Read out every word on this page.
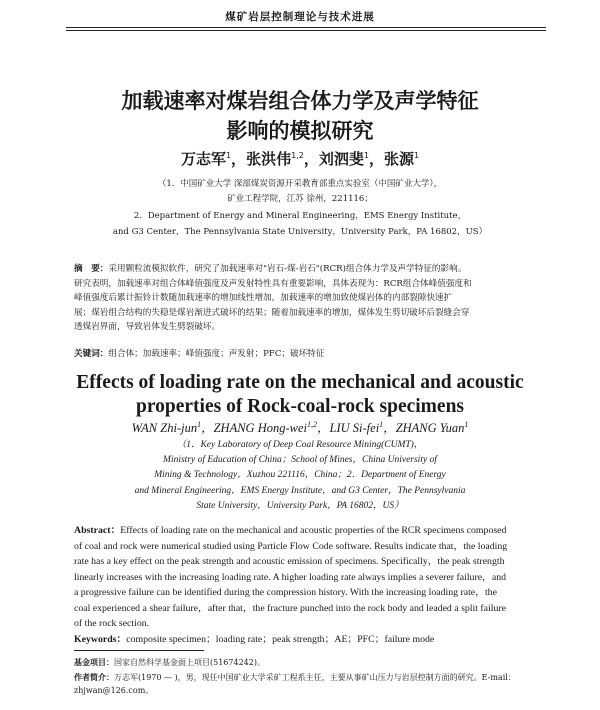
煤矿岩层控制理论与技术进展
加载速率对煤岩组合体力学及声学特征
影响的模拟研究
万志军$^1$，张洪伟$^{1,2}$，刘泗斐$^1$，张源$^1$
（1．中国矿业大学 深部煤炭资源开采教育部重点实验室（中国矿业大学），
矿业工程学院，江苏 徐州，221116；
2．Department of Energy and Mineral Engineering，EMS Energy Institute，
and G3 Center，The Pennsylvania State University，University Park，PA 16802，US）
摘　要：采用颗粒流模拟软件，研究了加载速率对"岩石-煤-岩石"(RCR)组合体力学及声学特征的影响。
研究表明，加载速率对组合体峰值强度及声发射特性具有重要影响，具体表现为：RCR组合体峰值强度和
峰值强度后累计振铃计数随加载速率的增加线性增加，加载速率的增加致使煤岩体的内部裂隙快速扩
展；煤岩组合结构的失稳是煤岩渐进式破坏的结果；随着加载速率的增加，煤体发生剪切破坏后裂缝会穿
透煤岩界面，导致岩体发生劈裂破坏。
关键词：组合体；加载速率；峰值强度；声发射；PFC；破坏特征
Effects of loading rate on the mechanical and acoustic
properties of Rock-coal-rock specimens
WAN Zhi-jun$^1$，ZHANG Hong-wei$^{1,2}$，LIU Si-fei$^1$，ZHANG Yuan$^1$
（1．Key Laboratory of Deep Coal Resource Mining(CUMT)，
Ministry of Education of China；School of Mines，China University of
Mining & Technology，Xuzhou 221116，China；2．Department of Energy
and Mineral Engineering，EMS Energy Institute，and G3 Center，The Pennsylvania
State University，University Park，PA 16802，US）
Abstract：Effects of loading rate on the mechanical and acoustic properties of the RCR specimens composed
of coal and rock were numerical studied using Particle Flow Code software. Results indicate that，the loading
rate has a key effect on the peak strength and acoustic emission of specimens. Specifically，the peak strength
linearly increases with the increasing loading rate. A higher loading rate always implies a severer failure，and
a progressive failure can be identified during the compression history. With the increasing loading rate，the
coal experienced a shear failure，after that，the fracture punched into the rock body and leaded a split failure
of the rock section.
Keywords：composite specimen；loading rate；peak strength；AE；PFC；failure mode
基金项目：国家自然科学基金面上项目(51674242)。
作者简介：万志军(1970 — )，男，现任中国矿业大学采矿工程系主任，主要从事矿山压力与岩层控制方面的研究。E-mail：
zhjwan@126.com。
